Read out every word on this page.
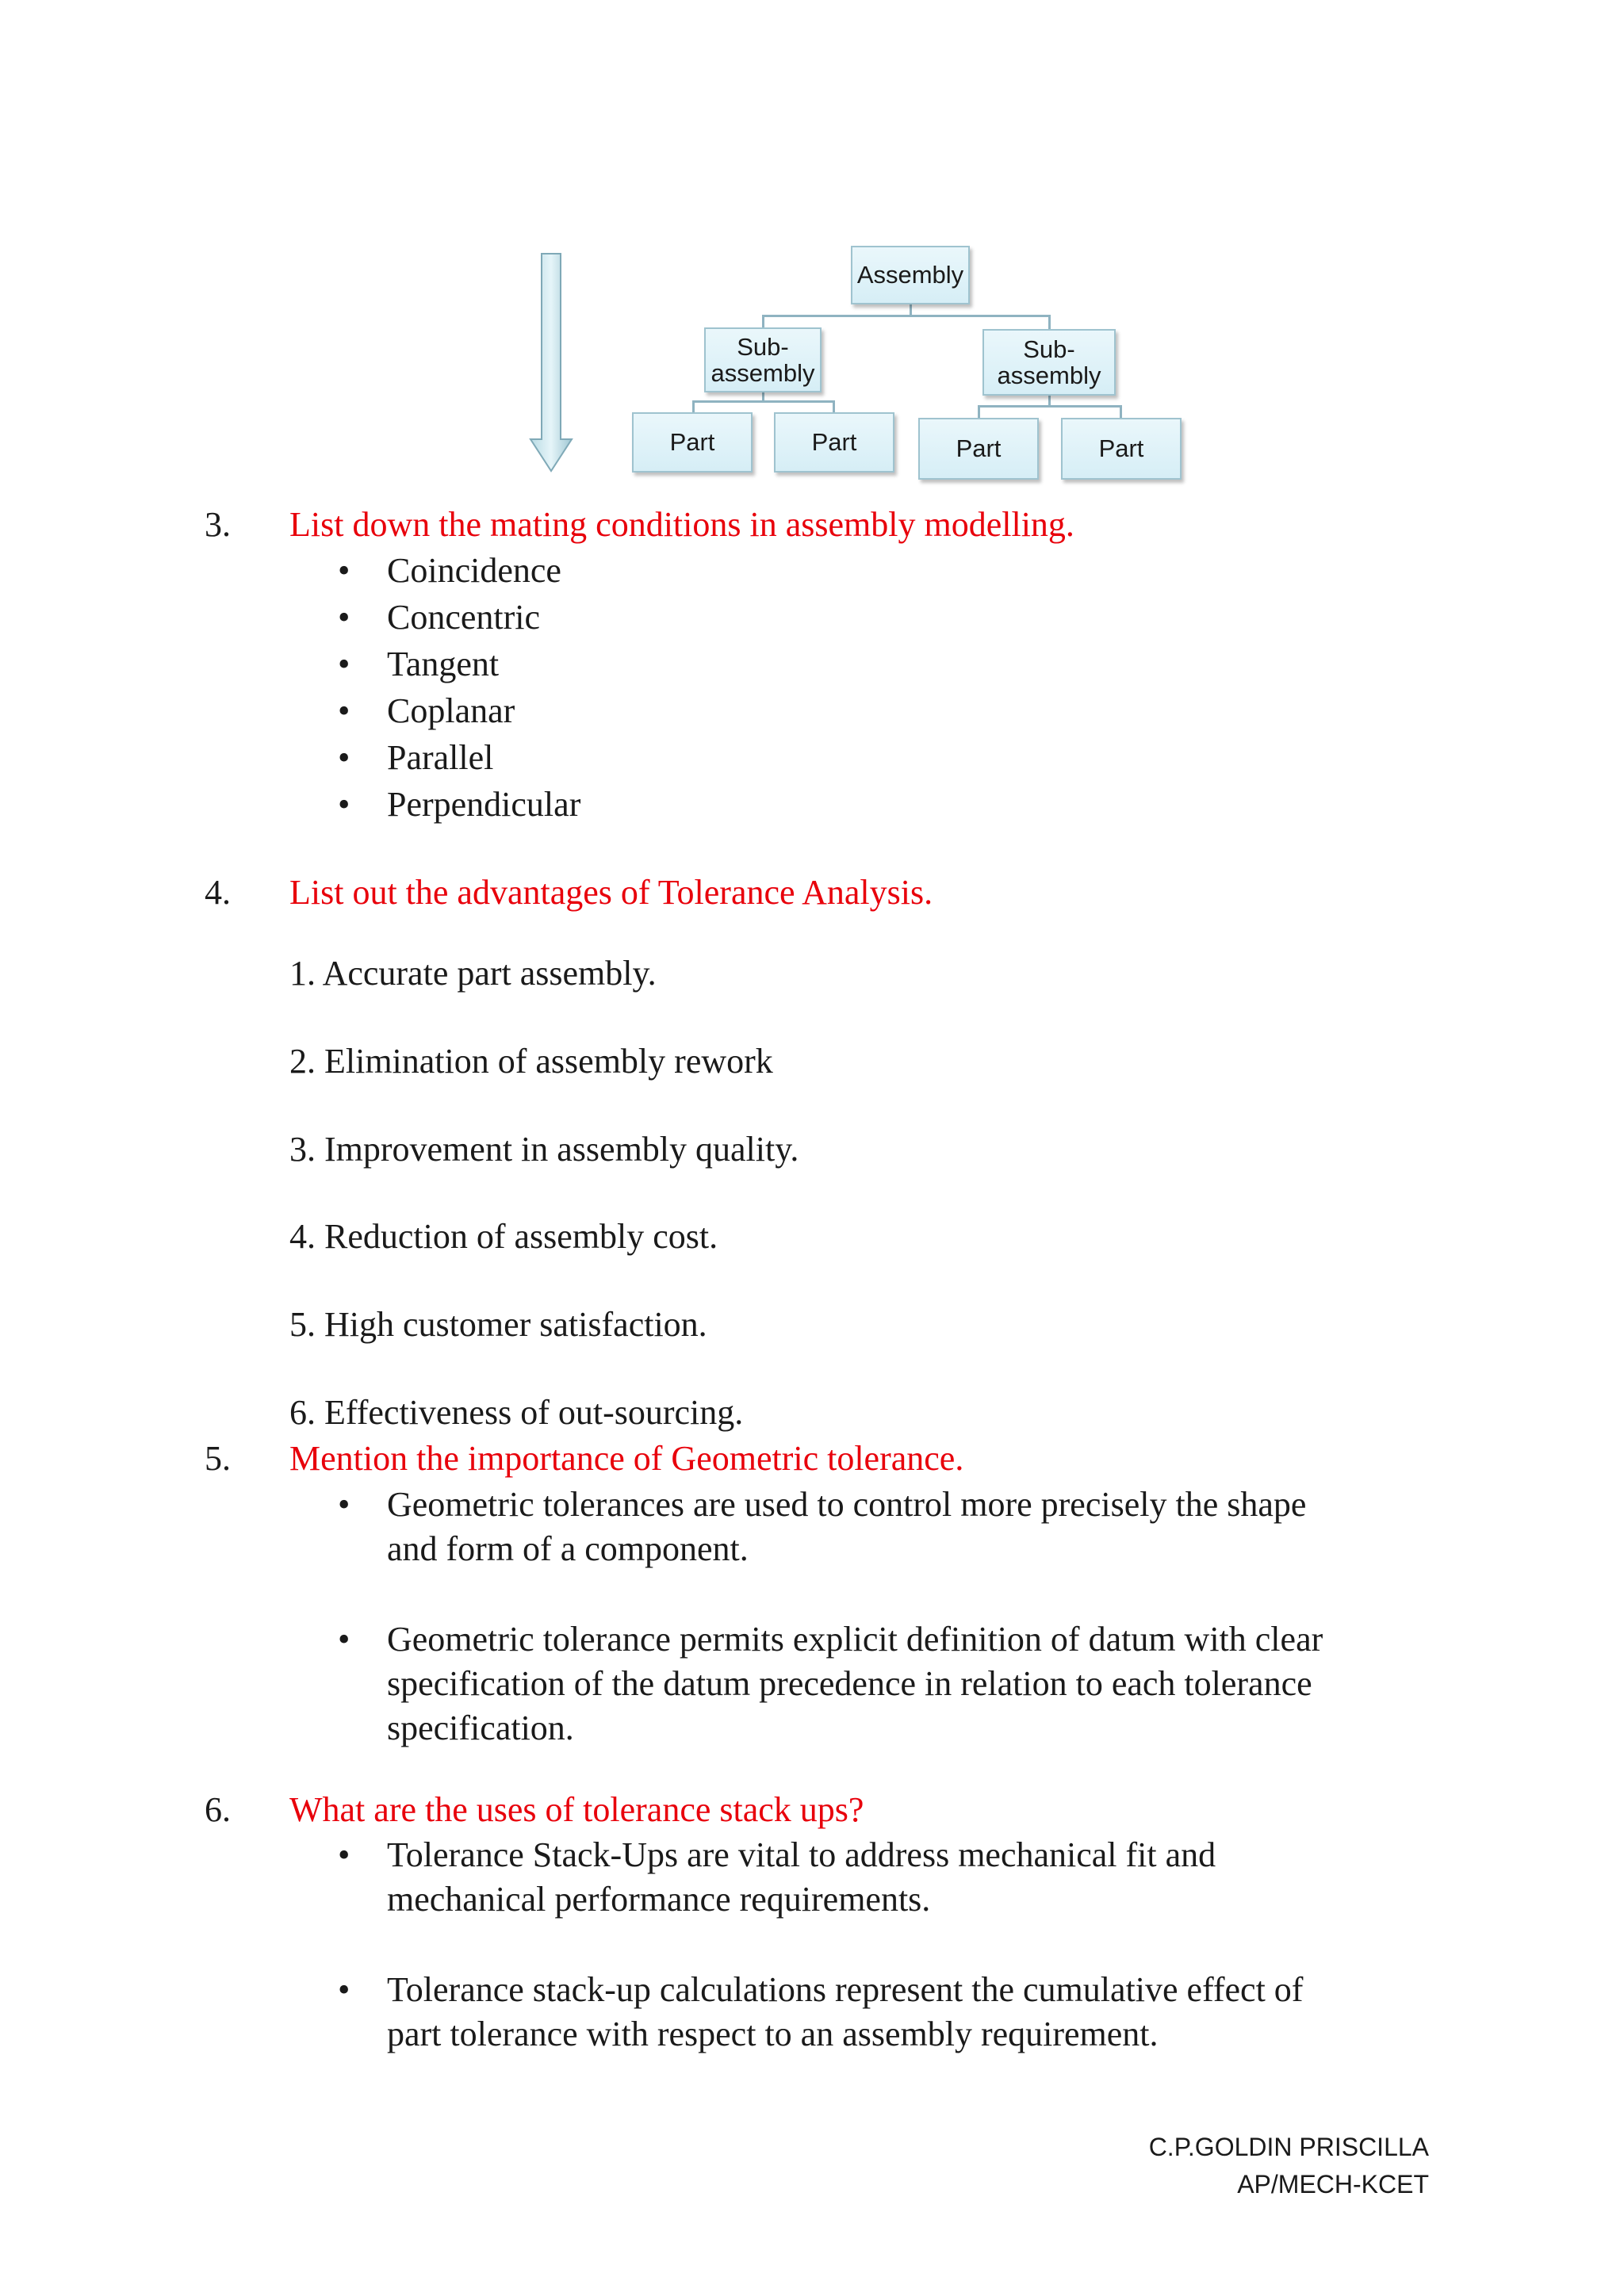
Assembly
Sub-
assembly
Sub-
assembly
Part	Part	Part	Part
3. List down the mating conditions in assembly modelling.
Coincidence
Concentric
Tangent
Coplanar
Parallel
Perpendicular
4. List out the advantages of Tolerance Analysis.
1. Accurate part assembly.
2. Elimination of assembly rework
3. Improvement in assembly quality.
4. Reduction of assembly cost.
5. High customer satisfaction.
6. Effectiveness of out-sourcing.
5. Mention the importance of Geometric tolerance.
• Geometric tolerances are used to control more precisely the shape
and form of a component.
• Geometric tolerance permits explicit definition of datum with clear
specification of the datum precedence in relation to each tolerance
specification.
6. What are the uses of tolerance stack ups?
• Tolerance Stack-Ups are vital to address mechanical fit and
mechanical performance requirements.
• Tolerance stack-up calculations represent the cumulative effect of
part tolerance with respect to an assembly requirement.
C.P.GOLDIN PRISCILLA
AP/MECH-KCET
